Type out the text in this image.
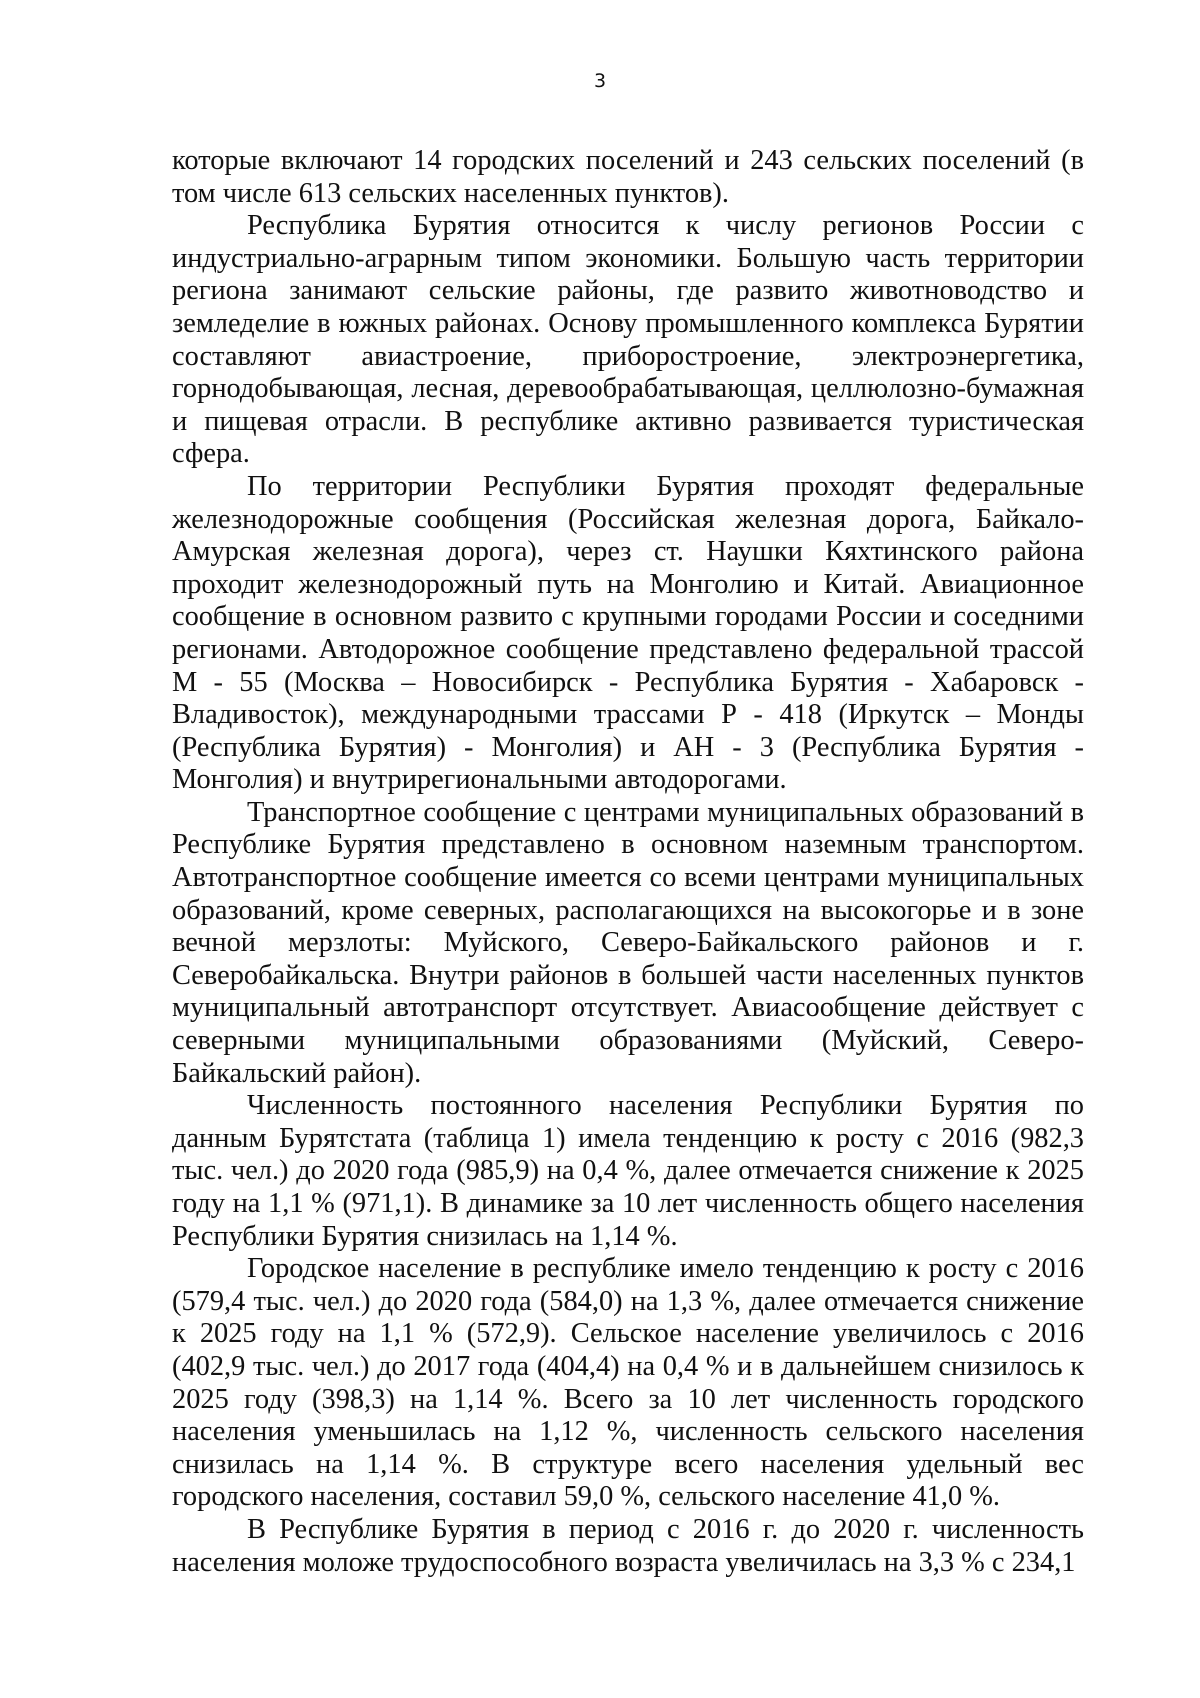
3

которые включают 14 городских поселений и 243 сельских поселений (в том числе 613 сельских населенных пунктов).

Республика Бурятия относится к числу регионов России с индустриально-аграрным типом экономики. Большую часть территории региона занимают сельские районы, где развито животноводство и земледелие в южных районах. Основу промышленного комплекса Бурятии составляют авиастроение, приборостроение, электроэнергетика, горнодобывающая, лесная, деревообрабатывающая, целлюлозно-бумажная и пищевая отрасли. В республике активно развивается туристическая сфера.

По территории Республики Бурятия проходят федеральные железнодорожные сообщения (Российская железная дорога, Байкало-Амурская железная дорога), через ст. Наушки Кяхтинского района проходит железнодорожный путь на Монголию и Китай. Авиационное сообщение в основном развито с крупными городами России и соседними регионами. Автодорожное сообщение представлено федеральной трассой М - 55 (Москва – Новосибирск - Республика Бурятия - Хабаровск - Владивосток), международными трассами Р - 418 (Иркутск – Монды (Республика Бурятия) - Монголия) и АН - 3 (Республика Бурятия - Монголия) и внутрирегиональными автодорогами.

Транспортное сообщение с центрами муниципальных образований в Республике Бурятия представлено в основном наземным транспортом. Автотранспортное сообщение имеется со всеми центрами муниципальных образований, кроме северных, располагающихся на высокогорье и в зоне вечной мерзлоты: Муйского, Северо-Байкальского районов и г. Северобайкальска. Внутри районов в большей части населенных пунктов муниципальный автотранспорт отсутствует. Авиасообщение действует с северными муниципальными образованиями (Муйский, Северо-Байкальский район).

Численность постоянного населения Республики Бурятия по данным Бурятстата (таблица 1) имела тенденцию к росту с 2016 (982,3 тыс. чел.) до 2020 года (985,9) на 0,4 %, далее отмечается снижение к 2025 году на 1,1 % (971,1). В динамике за 10 лет численность общего населения Республики Бурятия снизилась на 1,14 %.

Городское население в республике имело тенденцию к росту с 2016 (579,4 тыс. чел.) до 2020 года (584,0) на 1,3 %, далее отмечается снижение к 2025 году на 1,1 % (572,9). Сельское население увеличилось с 2016 (402,9 тыс. чел.) до 2017 года (404,4) на 0,4 % и в дальнейшем снизилось к 2025 году (398,3) на 1,14 %. Всего за 10 лет численность городского населения уменьшилась на 1,12 %, численность сельского населения снизилась на 1,14 %. В структуре всего населения удельный вес городского населения, составил 59,0 %, сельского население 41,0 %.

В Республике Бурятия в период с 2016 г. до 2020 г. численность населения моложе трудоспособного возраста увеличилась на 3,3 % с 234,1
